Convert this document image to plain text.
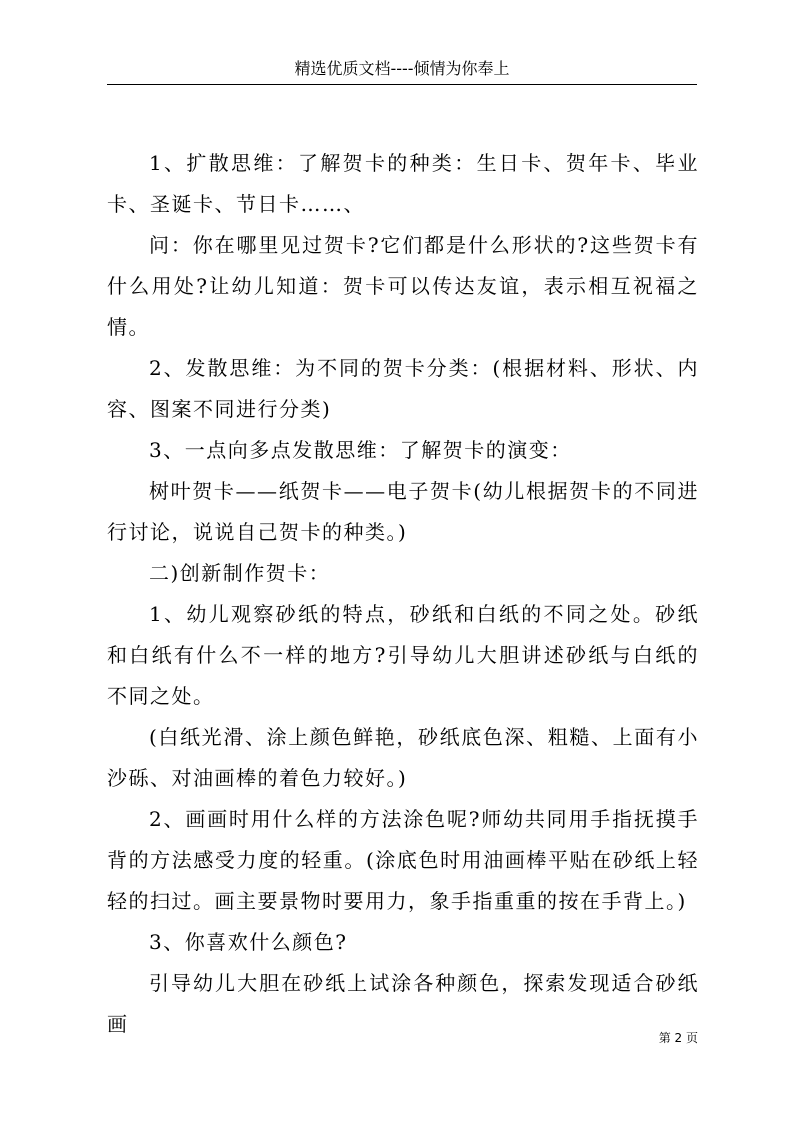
精选优质文档----倾情为你奉上

1、扩散思维：了解贺卡的种类：生日卡、贺年卡、毕业卡、圣诞卡、节日卡……、

问：你在哪里见过贺卡?它们都是什么形状的?这些贺卡有什么用处?让幼儿知道：贺卡可以传达友谊，表示相互祝福之情。

2、发散思维：为不同的贺卡分类：(根据材料、形状、内容、图案不同进行分类)

3、一点向多点发散思维：了解贺卡的演变：

树叶贺卡——纸贺卡——电子贺卡(幼儿根据贺卡的不同进行讨论，说说自己贺卡的种类。)

二)创新制作贺卡：

1、幼儿观察砂纸的特点，砂纸和白纸的不同之处。砂纸和白纸有什么不一样的地方?引导幼儿大胆讲述砂纸与白纸的不同之处。

(白纸光滑、涂上颜色鲜艳，砂纸底色深、粗糙、上面有小沙砾、对油画棒的着色力较好。)

2、画画时用什么样的方法涂色呢?师幼共同用手指抚摸手背的方法感受力度的轻重。(涂底色时用油画棒平贴在砂纸上轻轻的扫过。画主要景物时要用力，象手指重重的按在手背上。)

3、你喜欢什么颜色?

引导幼儿大胆在砂纸上试涂各种颜色，探索发现适合砂纸画

第 2 页
